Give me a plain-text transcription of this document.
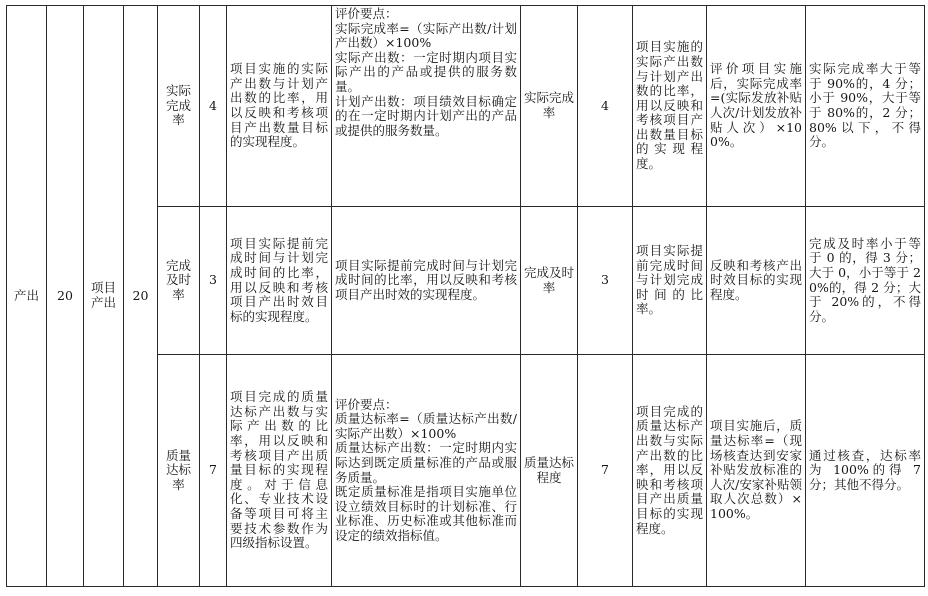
产出	20	项目产出	20	实际完成率	4	项目实施的实际产出数与计划产出数的比率，用以反映和考核项目产出数量目标的实现程度。	评价要点：
实际完成率=（实际产出数/计划产出数）×100%
实际产出数：一定时期内项目实际产出的产品或提供的服务数量。
计划产出数：项目绩效目标确定的在一定时期内计划产出的产品或提供的服务数量。	实际完成率	4	项目实施的实际产出数与计划产出数的比率，用以反映和考核项目产出数量目标的实现程度。	评价项目实施后，实际完成率=(实际发放补贴人次/计划发放补贴人次）×100%。	实际完成率大于等于 90%的，4 分；小于 90%，大于等于 80%的，2 分；80%以下，不得分。
				完成及时率	3	项目实际提前完成时间与计划完成时间的比率，用以反映和考核项目产出时效目标的实现程度。	项目实际提前完成时间与计划完成时间的比率，用以反映和考核项目产出时效的实现程度。	完成及时率	3	项目实际提前完成时间与计划完成时间的比率。	反映和考核产出时效目标的实现程度。	完成及时率小于等于 0 的，得 3 分；大于 0，小于等于 20%的，得 2 分；大于 20%的，不得分。
				质量达标率	7	项目完成的质量达标产出数与实际产出数的比率，用以反映和考核项目产出质量目标的实现程度。对于信息化、专业技术设备等项目可将主要技术参数作为四级指标设置。	评价要点：
质量达标率=（质量达标产出数/实际产出数）×100%
质量达标产出数：一定时期内实际达到既定质量标准的产品或服务质量。
既定质量标准是指项目实施单位设立绩效目标时的计划标准、行业标准、历史标准或其他标准而设定的绩效指标值。	质量达标程度	7	项目完成的质量达标产出数与实际产出数的比率，用以反映和考核项目产出质量目标的实现程度。	项目实施后，质量达标率=（现场核查达到安家补贴发放标准的人次/安家补贴领取人次总数）×100%。	通过核查，达标率为 100%的得 7 分；其他不得分。
